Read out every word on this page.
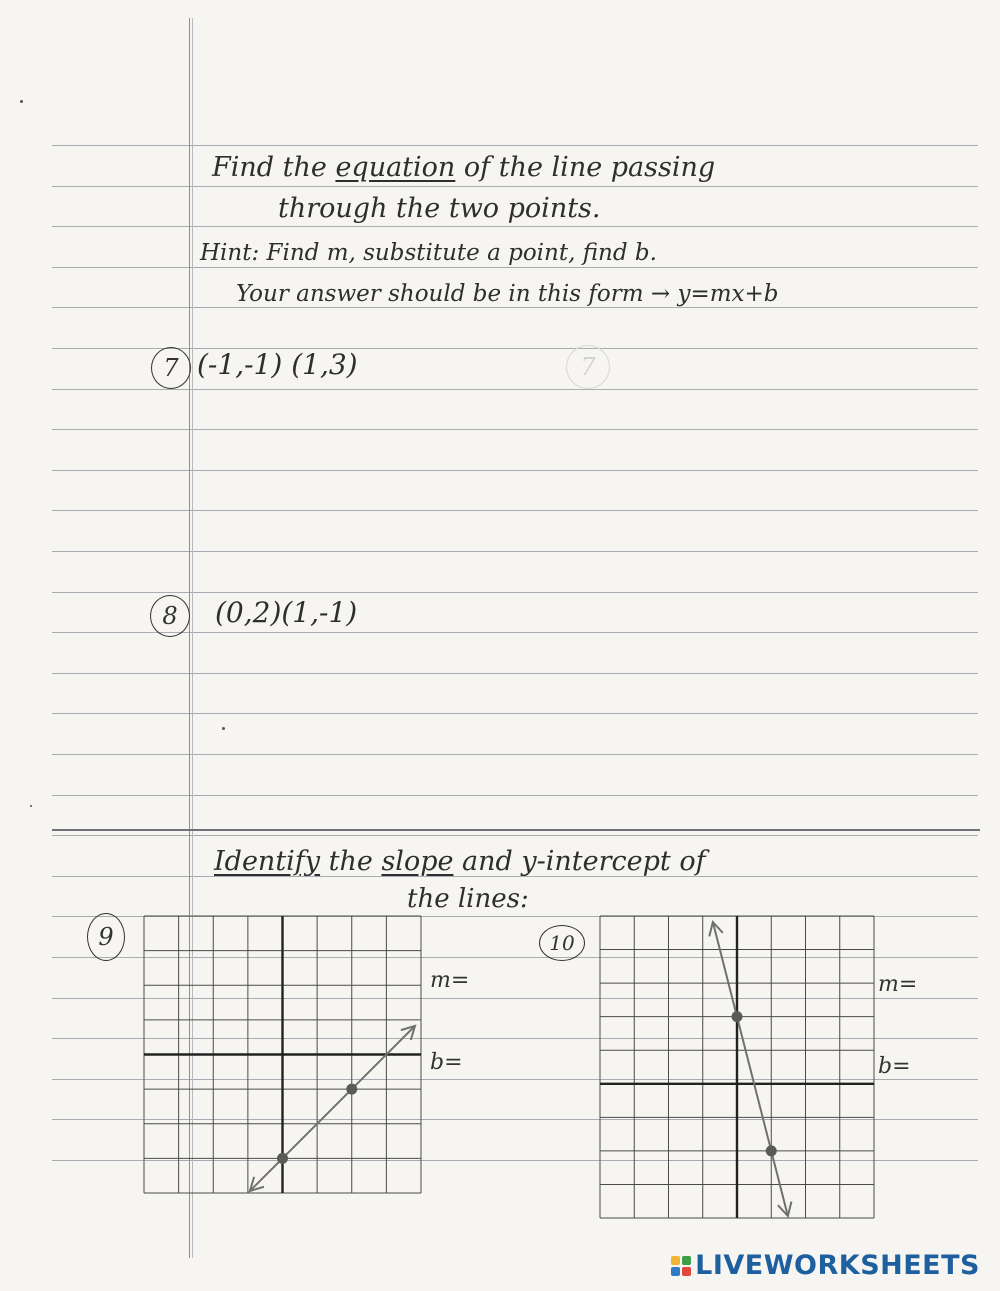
Find the equation of the line passing
through the two points.
Hint: Find m, substitute a point, find b.
Your answer should be in this form → y=mx+b
7 (-1,-1) (1,3)	7
8	(0,2)(1,-1)
Identify the slope and y-intercept of
the lines:
9
m=
b=
10
m=
b=
LIVEWORKSHEETS
